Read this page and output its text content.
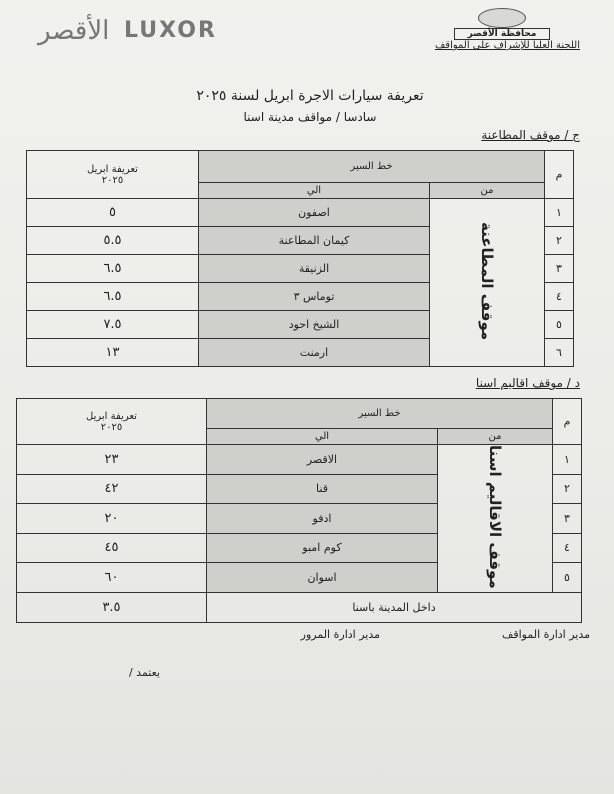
الأقصر LUXOR	محافظة الأقصر
اللجنة العليا للإشراف على المواقف
تعريفة سيارات الاجرة ابريل لسنة ٢٠٢٥
سادسا / مواقف مدينة اسنا
ج / موقف المطاعنة
م	خط السير		تعريفة ابريل
٢٠٢٥

	من	الي	
١	موقف المطاعنة	اصفون	٥
٢		كيمان المطاعنة	٥.٥
٣		الزنيقة	٦.٥
٤		توماس ٣	٦.٥
٥		الشيخ احود	٧.٥
٦		ارمنت	١٣
د / موقف اقاليم اسنا
م	خط السير		تعريفة ابريل
٢٠٢٥

	من	الي	
١	موقف الاقاليم اسنا	الاقصر	٢٣
٢		قنا	٤٢
٣		ادفو	٢٠
٤		كوم امبو	٤٥
٥		اسوان	٦٠
داخل المدينة باسنا			٣.٥
مدير ادارة المواقف
مدير ادارة المرور
يعتمد /
